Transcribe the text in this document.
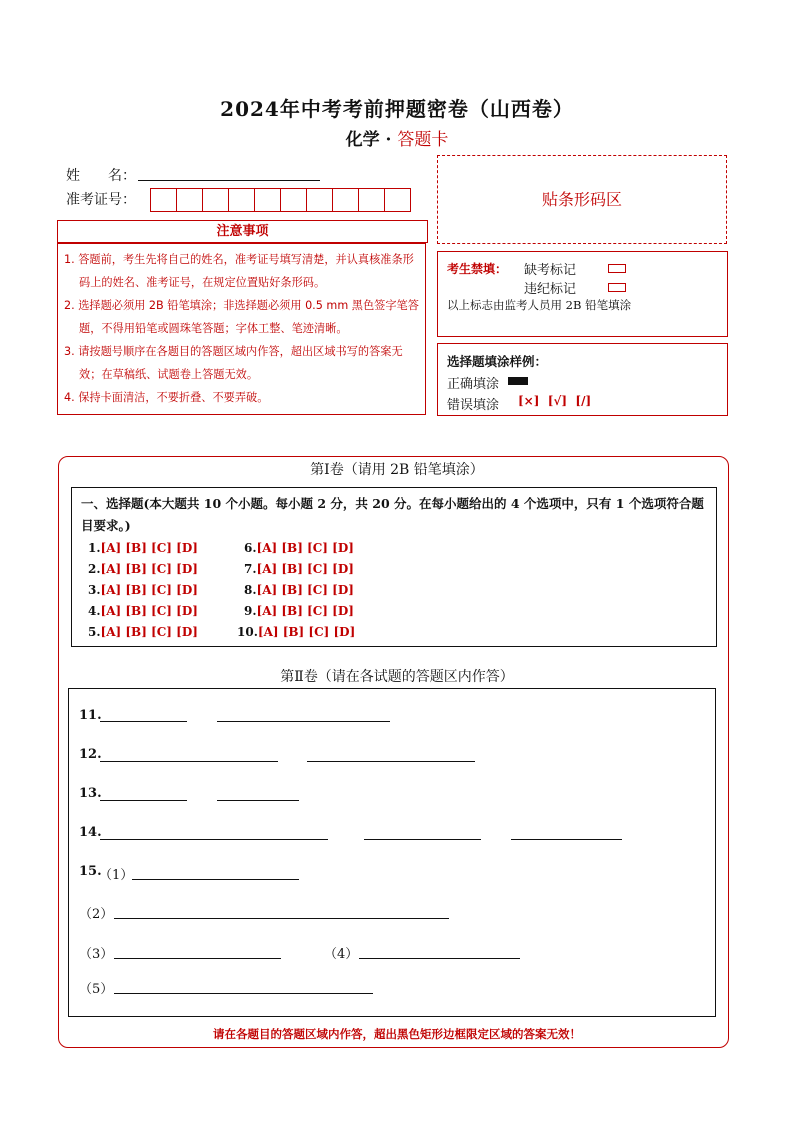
2024年中考考前押题密卷（山西卷）
化学 · 答题卡
姓　　名：
准考证号：
注意事项

1. 答题前，考生先将自己的姓名，准考证号填写清楚，并认真核准条形码上的姓名、准考证号，在规定位置贴好条形码。

2. 选择题必须用 2B 铅笔填涂；非选择题必须用 0.5 mm 黑色签字笔答题，不得用铅笔或圆珠笔答题；字体工整、笔迹清晰。

3. 请按题号顺序在各题目的答题区域内作答，超出区域书写的答案无效；在草稿纸、试题卷上答题无效。

4. 保持卡面清洁，不要折叠、不要弄破。

贴条形码区
考生禁填： 缺考标记
违纪标记
以上标志由监考人员用 2B 铅笔填涂
选择题填涂样例：
正确填涂
错误填涂 [×] [√] [/]
第Ⅰ卷（请用 2B 铅笔填涂）
一、选择题(本大题共 10 个小题。每小题 2 分，共 20 分。在每小题给出的 4 个选项中，只有 1 个选项符合题目要求。)
1.[A] [B] [C] [D]
2.[A] [B] [C] [D]
3.[A] [B] [C] [D]
4.[A] [B] [C] [D]
5.[A] [B] [C] [D]
6.[A] [B] [C] [D]
7.[A] [B] [C] [D]
8.[A] [B] [C] [D]
9.[A] [B] [C] [D]
10.[A] [B] [C] [D]
第Ⅱ卷（请在各试题的答题区内作答）
11.
12.
13.
14.
15.
（1）
（2）
（3）	（4）
（5）
请在各题目的答题区域内作答，超出黑色矩形边框限定区域的答案无效！
